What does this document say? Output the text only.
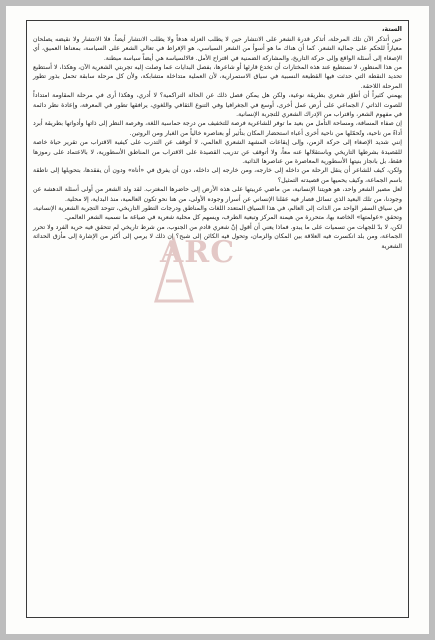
الستة،

حين أتذكر الآن تلك المرحلة، أتذكر قدرة الشعر على الانتشار حين لا يطلب العزلة هدفاً ولا يطلب الانتشار أيضاً. فلا الانتشار ولا نقيضه يصلحان معياراً للحكم على جمالية الشعر. كما أن هناك ما هو أسوأ من الشعر السياسي، هو الإفراط في تعالي الشعر على السياسة، بمعناها العميق، أي الإصغاء إلى أسئلة الواقع وإلى حركة التاريخ، والمشاركة الضمنية في اقتراح الأمل. فالالسياسة هي أيضاً سياسة مبطنة.

من هذا المنظور، لا نستطيع عند هذه المختارات أن تخدع قارئها أو شاعرها، بفصل البدايات عما وصلت إليه تجربتي الشعرية الآن، وهكذا، لا أستطيع تحديد النقطة التي حدثت فيها القطيعة النسبية في سياق الاستمرارية، لأن العملية متداخلة متشابكة، ولأن كل مرحلة سابقة تحمل بذور تطور المرحلة اللاحقة.

يهمني كثيراً أن أطوّر شعري بطريقة نوعية، ولكن هل يمكن فصل ذلك عن الحالة التراكمية؟ لا أدري، وهكذا أرى في مرحلة المقاومة امتداداً للصوت الذاتي / الجماعي على أرض عمل أخرى، أوسع في الجغرافيا وفي التنوع الثقافي واللغوي، يرافقها تطور في المعرفة، وإعادة نظر دائمة في مفهوم الشعر، واقتراب من الإدراك الشعري للتجربة الإنسانية.

إن صفاء المسافة، ومساحة التأمل من بعيد ما توفر للشاعرية فرصة للتخفيف من درجة حماسية اللغة، وفرصة النظر إلى ذاتها وأدواتها بطريقة أبرد أداءً من ناحية، وتُحمّلها من ناحية أخرى أعباء استحضار المكان بتأثير أو بعناصره خالياً من الغبار ومن الروتين.

إنني شديد الإصغاء إلى حركة الزمن، وإلى إيقاعات المشهد الشعري العالمي، لا أتوقف عن التدرب على كيفية الاقتراب من تقرير حياة خاصة للقصيدة بشرطها التاريخي وباستقلالها عنه معاً، ولا أتوقف عن تدريب القصيدة على الاقتراب من المناطق الأسطورية، لا بالاعتماد على رموزها فقط، بل بانجاز بنيتها الأسطورية المعاصرة من عناصرها الذاتية.

ولكن، كيف للشاعر أن ينقل الرحلة من داخله إلى خارجه، ومن خارجه إلى داخله، دون أن يفرق في «أناه» ودون أن يفقدها، بتحويلها إلى ناطقة باسم الجماعة، وكيف يحميها من قصيدته التمثيل؟

لعل مصير الشعر واحد، هو هويتنا الإنسانية، من ماضي غريبتها على هذه الأرض إلى حاضرها المغترب. لقد ولد الشعر من أولى أسئلة الدهشة عن وجودنا، من تلك البعيد الذي تسائل فصار فيه عقلنا الإنساني عن أسرار وجوده الأولى، من هنا نحو تكون العالمية، منذ البداية، إلا محلية.

في سياق السفر الواحد من الذات إلى العالم، في هذا السياق المتعدد اللغات والمناطق ودرجات التطور التاريخي، تتوحد التجربة الشعرية الإنسانية، وتحقق «عولمتها» الخاصة بها، متحررة من هيمنة المركز وتبعية الطرف، ويسهم كل محلية شعرية في صياغة ما نسميه الشعر العالمي.

لكن، لا بدّ للجهات من تسميات على ما يبدو. فماذا يعني أن أقول إنّ شعري قادم من الجنوب، من شرط تاريخي لم تتحقق فيه حرية الفرد ولا تحرر الجماعة، ومن بلد انكسرت فيه العلاقة بين المكان والزمان، وتحول فيه الكائن إلى شبح؟ إن ذلك لا يرمي إلى أكثر من الإشارة إلى مأزق الحداثة الشعرية

ARC
